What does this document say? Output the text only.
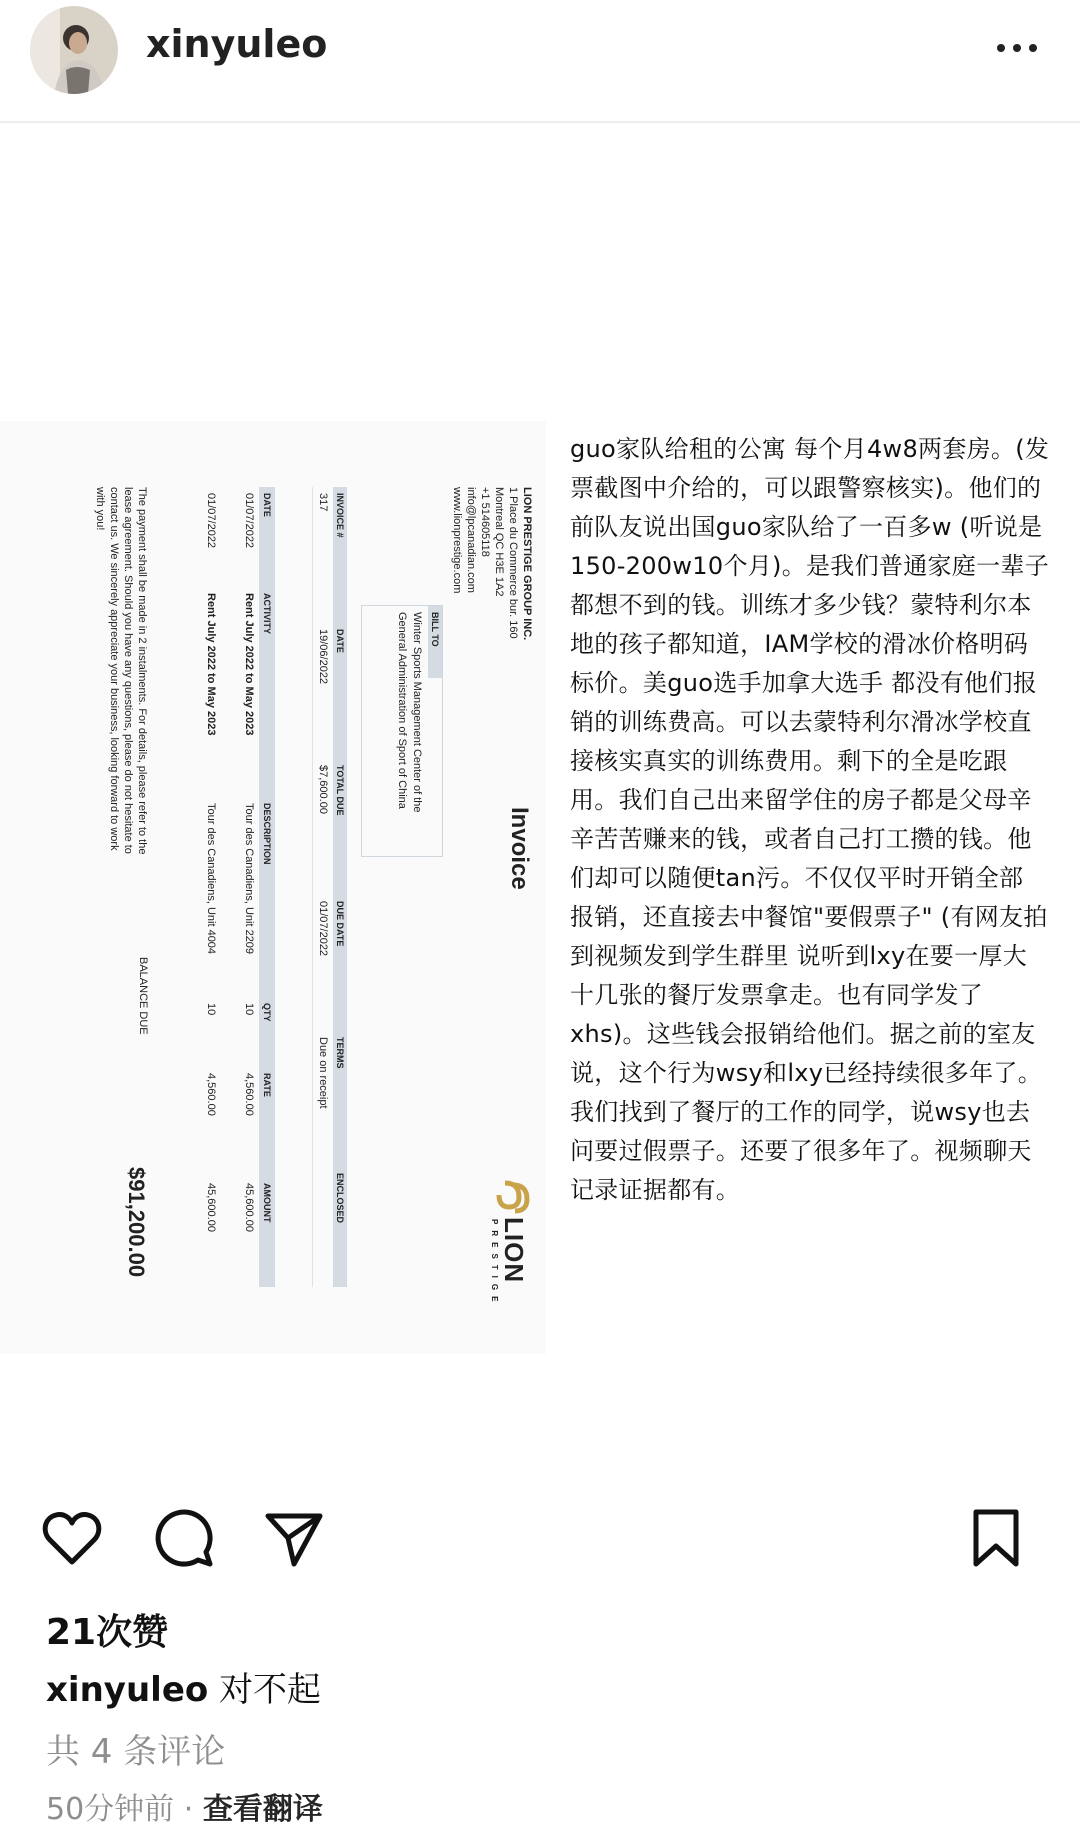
xinyuleo
LION PRESTIGE GROUP INC.
1 Place du Commerce bur. 160
Montreal QC H3E 1A2
+1 514605118
info@lpcanadian.com
www.lionprestige.com
Invoice
LION
PRESTIGE
BILL TO
Winter Sports Management Center of the General Administration of Sport of China
INVOICE #
DATE
TOTAL DUE
DUE DATE
TERMS
ENCLOSED
317
19/06/2022
$7,600.00
01/07/2022
Due on receipt
DATE
ACTIVITY
DESCRIPTION
QTY
RATE
AMOUNT
01/07/2022
Rent July 2022 to May 2023
Tour des Canadiens, Unit 2209
10
4,560.00
45,600.00
01/07/2022
Rent July 2022 to May 2023
Tour des Canadiens, Unit 4004
10
4,560.00
45,600.00
The payment shall be made in 2 instalments. For details, please refer to the lease agreement. Should you have any questions, please do not hesitate to contact us. We sincerely appreciate your business, looking forward to work with you!
BALANCE DUE
$91,200.00

guo家队给租的公寓 每个月4w8两套房。(发

票截图中介给的，可以跟警察核实)。他们的

前队友说出国guo家队给了一百多w (听说是

150-200w10个月)。是我们普通家庭一辈子

都想不到的钱。训练才多少钱？蒙特利尔本

地的孩子都知道，IAM学校的滑冰价格明码

标价。美guo选手加拿大选手 都没有他们报

销的训练费高。可以去蒙特利尔滑冰学校直

接核实真实的训练费用。剩下的全是吃跟

用。我们自己出来留学住的房子都是父母辛

辛苦苦赚来的钱，或者自己打工攒的钱。他

们却可以随便tan污。不仅仅平时开销全部

报销，还直接去中餐馆"要假票子" (有网友拍

到视频发到学生群里 说听到lxy在要一厚大

十几张的餐厅发票拿走。也有同学发了

xhs)。这些钱会报销给他们。据之前的室友

说，这个行为wsy和lxy已经持续很多年了。

我们找到了餐厅的工作的同学，说wsy也去

问要过假票子。还要了很多年了。视频聊天

记录证据都有。

21次赞
xinyuleo 对不起
共 4 条评论
50分钟前 · 查看翻译
